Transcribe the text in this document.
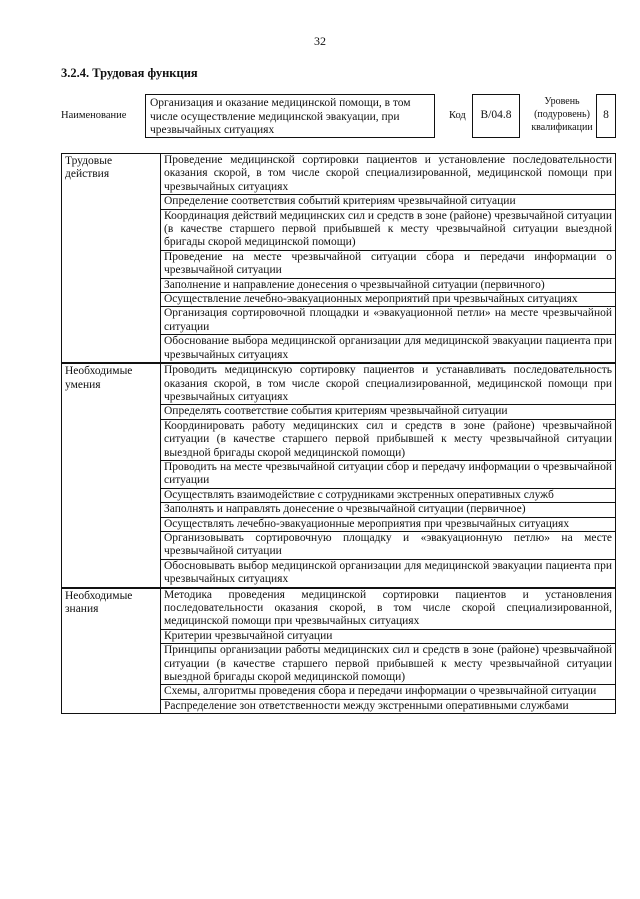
32
3.2.4. Трудовая функция
Наименование
Организация и оказание медицинской помощи, в том числе осуществление медицинской эвакуации, при чрезвычайных ситуациях
Код	B/04.8
Уровень (подуровень) квалификации
8
Трудовые действия	Проведение медицинской сортировки пациентов и установление последовательности оказания скорой, в том числе скорой специализированной, медицинской помощи при чрезвычайных ситуациях
	Определение соответствия событий критериям чрезвычайной ситуации
	Координация действий медицинских сил и средств в зоне (районе) чрезвычайной ситуации (в качестве старшего первой прибывшей к месту чрезвычайной ситуации выездной бригады скорой медицинской помощи)
	Проведение на месте чрезвычайной ситуации сбора и передачи информации о чрезвычайной ситуации
	Заполнение и направление донесения о чрезвычайной ситуации (первичного)
	Осуществление лечебно-эвакуационных мероприятий при чрезвычайных ситуациях
	Организация сортировочной площадки и «эвакуационной петли» на месте чрезвычайной ситуации
	Обоснование выбора медицинской организации для медицинской эвакуации пациента при чрезвычайных ситуациях
Необходимые умения	Проводить медицинскую сортировку пациентов и устанавливать последовательность оказания скорой, в том числе скорой специализированной, медицинской помощи при чрезвычайных ситуациях
	Определять соответствие события критериям чрезвычайной ситуации
	Координировать работу медицинских сил и средств в зоне (районе) чрезвычайной ситуации (в качестве старшего первой прибывшей к месту чрезвычайной ситуации выездной бригады скорой медицинской помощи)
	Проводить на месте чрезвычайной ситуации сбор и передачу информации о чрезвычайной ситуации
	Осуществлять взаимодействие с сотрудниками экстренных оперативных служб
	Заполнять и направлять донесение о чрезвычайной ситуации (первичное)
	Осуществлять лечебно-эвакуационные мероприятия при чрезвычайных ситуациях
	Организовывать сортировочную площадку и «эвакуационную петлю» на месте чрезвычайной ситуации
	Обосновывать выбор медицинской организации для медицинской эвакуации пациента при чрезвычайных ситуациях
Необходимые знания	Методика проведения медицинской сортировки пациентов и установления последовательности оказания скорой, в том числе скорой специализированной, медицинской помощи при чрезвычайных ситуациях
	Критерии чрезвычайной ситуации
	Принципы организации работы медицинских сил и средств в зоне (районе) чрезвычайной ситуации (в качестве старшего первой прибывшей к месту чрезвычайной ситуации выездной бригады скорой медицинской помощи)
	Схемы, алгоритмы проведения сбора и передачи информации о чрезвычайной ситуации
	Распределение зон ответственности между экстренными оперативными службами
